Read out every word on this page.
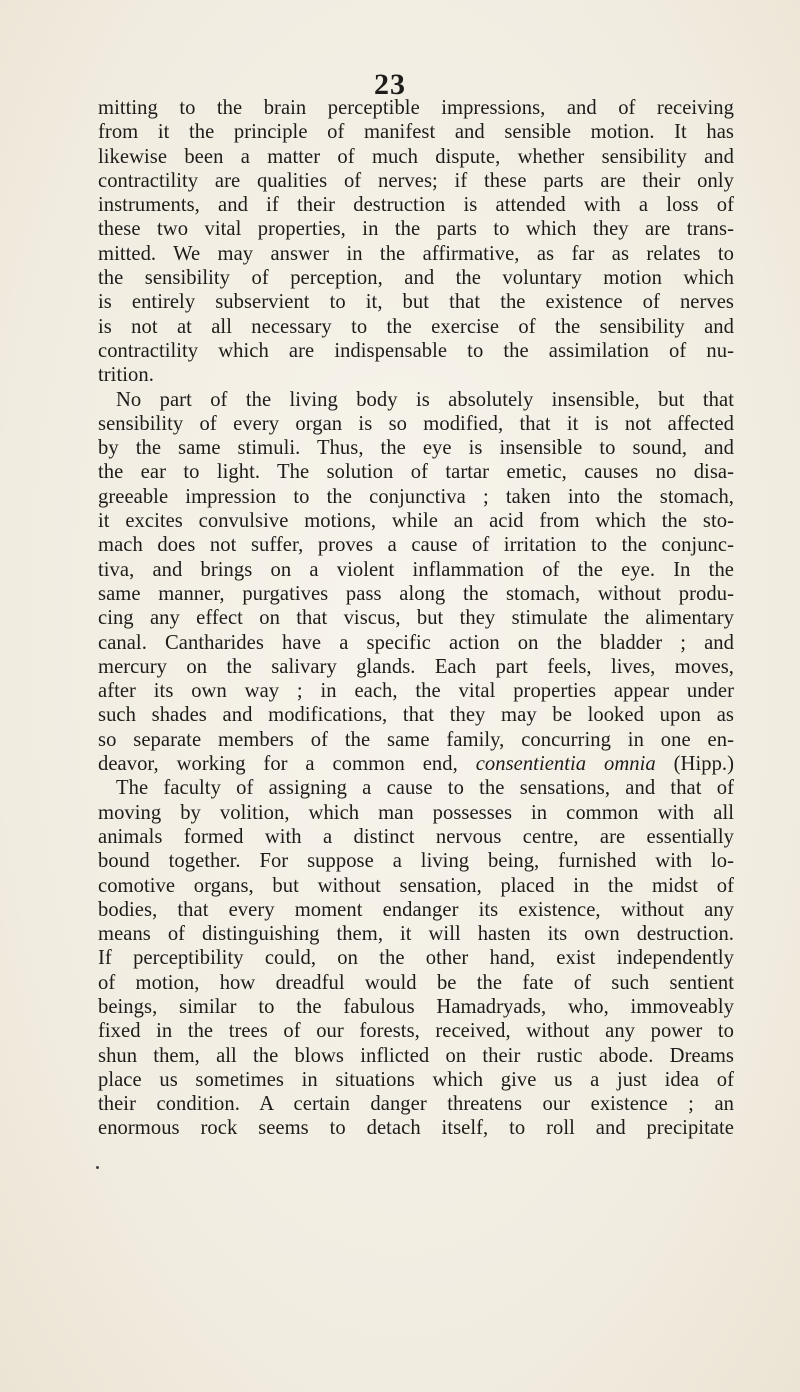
23
mitting to the brain perceptible impressions, and of receiving
from it the principle of manifest and sensible motion. It has
likewise been a matter of much dispute, whether sensibility and
contractility are qualities of nerves; if these parts are their only
instruments, and if their destruction is attended with a loss of
these two vital properties, in the parts to which they are trans-
mitted. We may answer in the affirmative, as far as relates to
the sensibility of perception, and the voluntary motion which
is entirely subservient to it, but that the existence of nerves
is not at all necessary to the exercise of the sensibility and
contractility which are indispensable to the assimilation of nu-
trition.
No part of the living body is absolutely insensible, but that
sensibility of every organ is so modified, that it is not affected
by the same stimuli. Thus, the eye is insensible to sound, and
the ear to light. The solution of tartar emetic, causes no disa-
greeable impression to the conjunctiva ; taken into the stomach,
it excites convulsive motions, while an acid from which the sto-
mach does not suffer, proves a cause of irritation to the conjunc-
tiva, and brings on a violent inflammation of the eye. In the
same manner, purgatives pass along the stomach, without produ-
cing any effect on that viscus, but they stimulate the alimentary
canal. Cantharides have a specific action on the bladder ; and
mercury on the salivary glands. Each part feels, lives, moves,
after its own way ; in each, the vital properties appear under
such shades and modifications, that they may be looked upon as
so separate members of the same family, concurring in one en-
deavor, working for a common end, consentientia omnia (Hipp.)
The faculty of assigning a cause to the sensations, and that of
moving by volition, which man possesses in common with all
animals formed with a distinct nervous centre, are essentially
bound together. For suppose a living being, furnished with lo-
comotive organs, but without sensation, placed in the midst of
bodies, that every moment endanger its existence, without any
means of distinguishing them, it will hasten its own destruction.
If perceptibility could, on the other hand, exist independently
of motion, how dreadful would be the fate of such sentient
beings, similar to the fabulous Hamadryads, who, immoveably
fixed in the trees of our forests, received, without any power to
shun them, all the blows inflicted on their rustic abode. Dreams
place us sometimes in situations which give us a just idea of
their condition. A certain danger threatens our existence ; an
enormous rock seems to detach itself, to roll and precipitate
